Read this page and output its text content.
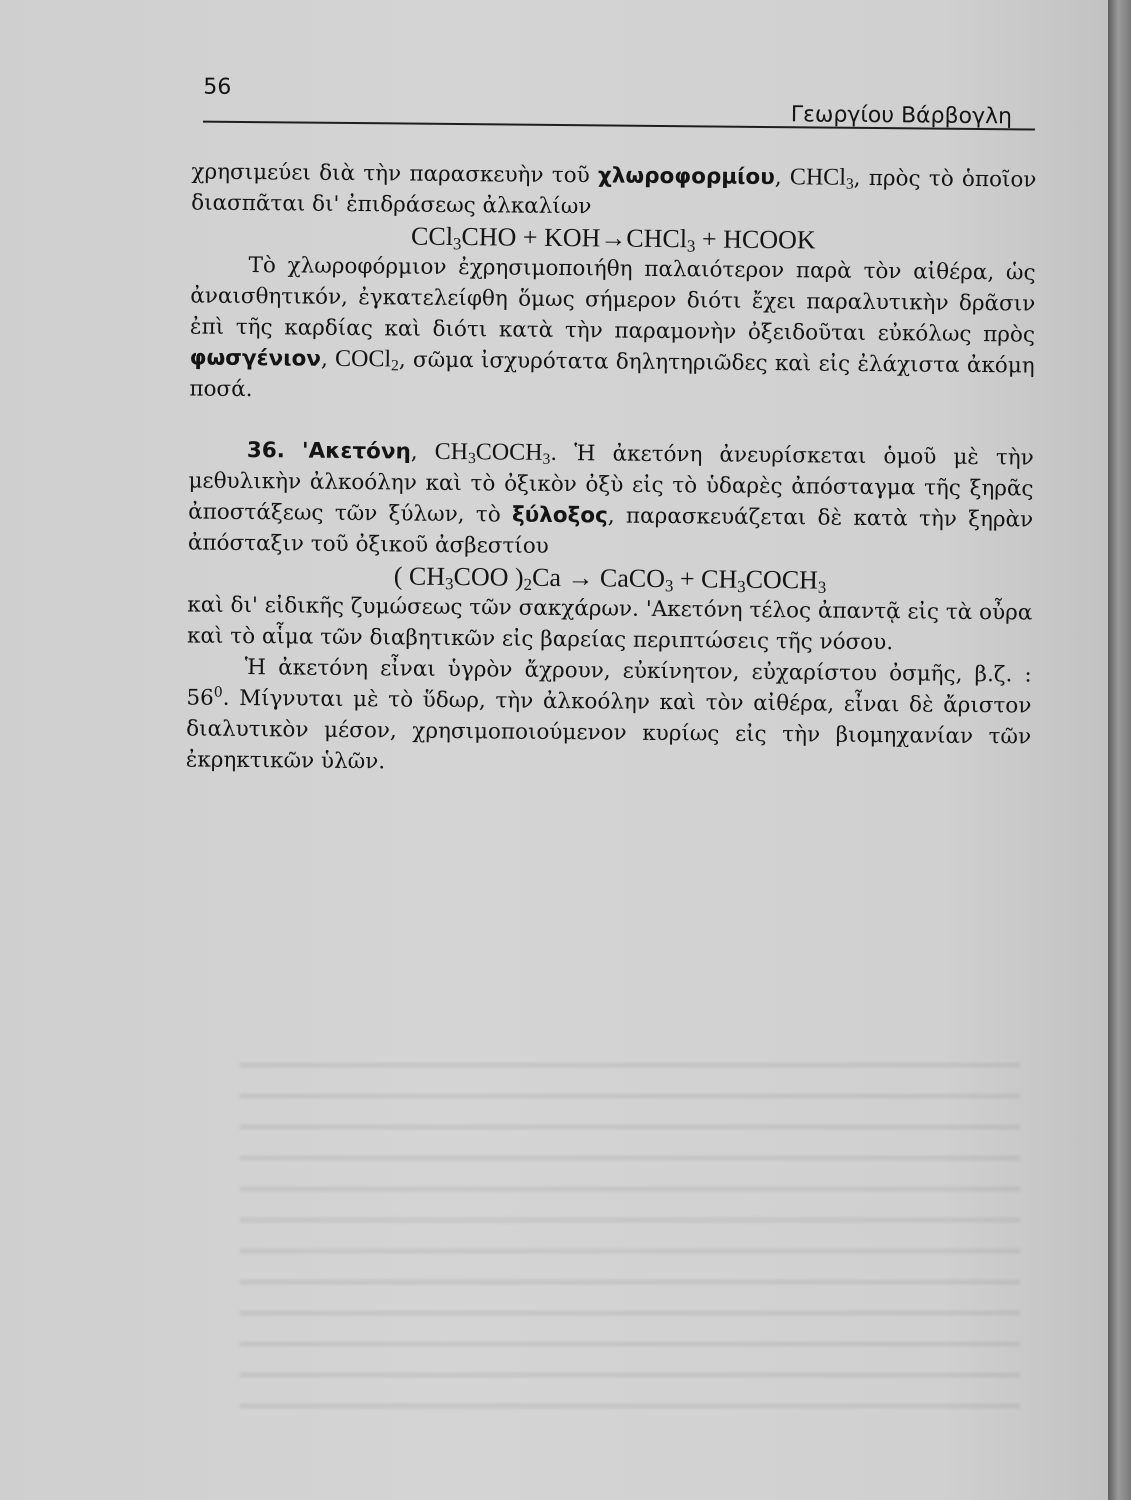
56
Γεωργίου Βάρβογλη

χρησιμεύει διὰ τὴν παρασκευὴν τοῦ χλωροφορμίου, CHCl$_3$, πρὸς τὸ ὁποῖον διασπᾶται δι' ἐπιδράσεως ἀλκαλίων

CCl$_3$CHO + KOH→CHCl$_3$ + HCOOK

Τὸ χλωροφόρμιον ἐχρησιμοποιήθη παλαιότερον παρὰ τὸν αἰθέρα, ὡς ἀναισθητικόν, ἐγκατελείφθη ὅμως σήμερον διότι ἔχει παραλυτικὴν δρᾶσιν ἐπὶ τῆς καρδίας καὶ διότι κατὰ τὴν παραμονὴν ὀξειδοῦται εὐκόλως πρὸς φωσγένιον, COCl$_2$, σῶμα ἰσχυρότατα δηλητηριῶδες καὶ εἰς ἐλάχιστα ἀκόμη ποσά.

36. 'Ακετόνη, $CH_3COCH_3$. Ἡ ἀκετόνη ἀνευρίσκεται ὁμοῦ μὲ τὴν μεθυλικὴν ἀλκοόλην καὶ τὸ ὀξικὸν ὀξὺ εἰς τὸ ὑδαρὲς ἀπόσταγμα τῆς ξηρᾶς ἀποστάξεως τῶν ξύλων, τὸ ξύλοξος, παρασκευάζεται δὲ κατὰ τὴν ξηρὰν ἀπόσταξιν τοῦ ὀξικοῦ ἀσβεστίου

( $CH_3COO$ )$_2Ca$ → CaCO$_3$ + $CH_3COCH_3$

καὶ δι' εἰδικῆς ζυμώσεως τῶν σακχάρων. 'Ακετόνη τέλος ἀπαντᾷ εἰς τὰ οὖρα καὶ τὸ αἷμα τῶν διαβητικῶν εἰς βαρείας περιπτώσεις τῆς νόσου.

Ἡ ἀκετόνη εἶναι ὑγρὸν ἄχρουν, εὐκίνητον, εὐχαρίστου ὀσμῆς, β.ζ. : $56^0$. Μίγνυται μὲ τὸ ὕδωρ, τὴν ἀλκοόλην καὶ τὸν αἰθέρα, εἶναι δὲ ἄριστον διαλυτικὸν μέσον, χρησιμοποιούμενον κυρίως εἰς τὴν βιομηχανίαν τῶν ἐκρηκτικῶν ὑλῶν.
